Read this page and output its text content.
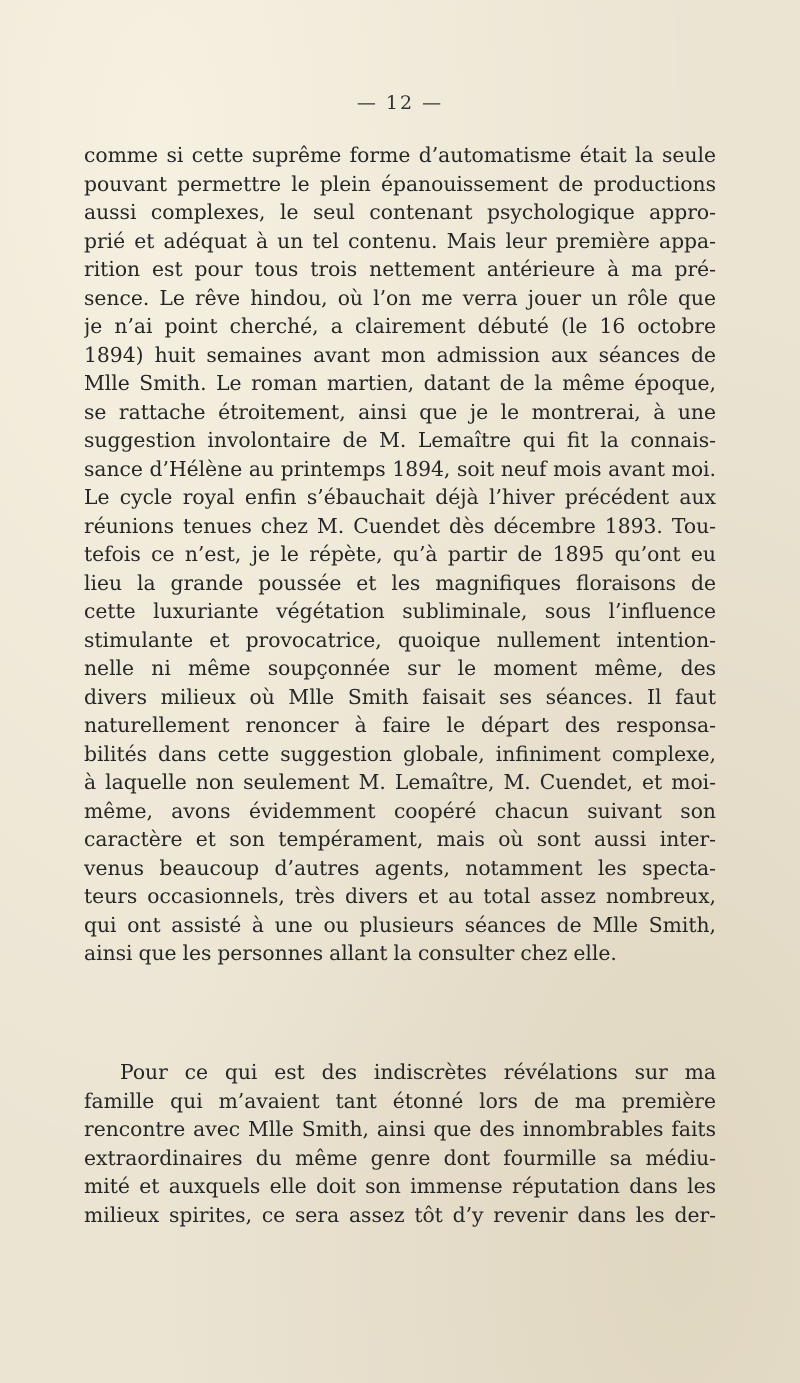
— 12 —
comme si cette suprême forme d’automatisme était la seule
pouvant permettre le plein épanouissement de productions
aussi complexes, le seul contenant psychologique appro-
prié et adéquat à un tel contenu. Mais leur première appa-
rition est pour tous trois nettement antérieure à ma pré-
sence. Le rêve hindou, où l’on me verra jouer un rôle que
je n’ai point cherché, a clairement débuté (le 16 octobre
1894) huit semaines avant mon admission aux séances de
Mlle Smith. Le roman martien, datant de la même époque,
se rattache étroitement, ainsi que je le montrerai, à une
suggestion involontaire de M. Lemaître qui fit la connais-
sance d’Hélène au printemps 1894, soit neuf mois avant moi.
Le cycle royal enfin s’ébauchait déjà l’hiver précédent aux
réunions tenues chez M. Cuendet dès décembre 1893. Tou-
tefois ce n’est, je le répète, qu’à partir de 1895 qu’ont eu
lieu la grande poussée et les magnifiques floraisons de
cette luxuriante végétation subliminale, sous l’influence
stimulante et provocatrice, quoique nullement intention-
nelle ni même soupçonnée sur le moment même, des
divers milieux où Mlle Smith faisait ses séances. Il faut
naturellement renoncer à faire le départ des responsa-
bilités dans cette suggestion globale, infiniment complexe,
à laquelle non seulement M. Lemaître, M. Cuendet, et moi-
même, avons évidemment coopéré chacun suivant son
caractère et son tempérament, mais où sont aussi inter-
venus beaucoup d’autres agents, notamment les specta-
teurs occasionnels, très divers et au total assez nombreux,
qui ont assisté à une ou plusieurs séances de Mlle Smith,
ainsi que les personnes allant la consulter chez elle.
Pour ce qui est des indiscrètes révélations sur ma
famille qui m’avaient tant étonné lors de ma première
rencontre avec Mlle Smith, ainsi que des innombrables faits
extraordinaires du même genre dont fourmille sa médiu-
mité et auxquels elle doit son immense réputation dans les
milieux spirites, ce sera assez tôt d’y revenir dans les der-
